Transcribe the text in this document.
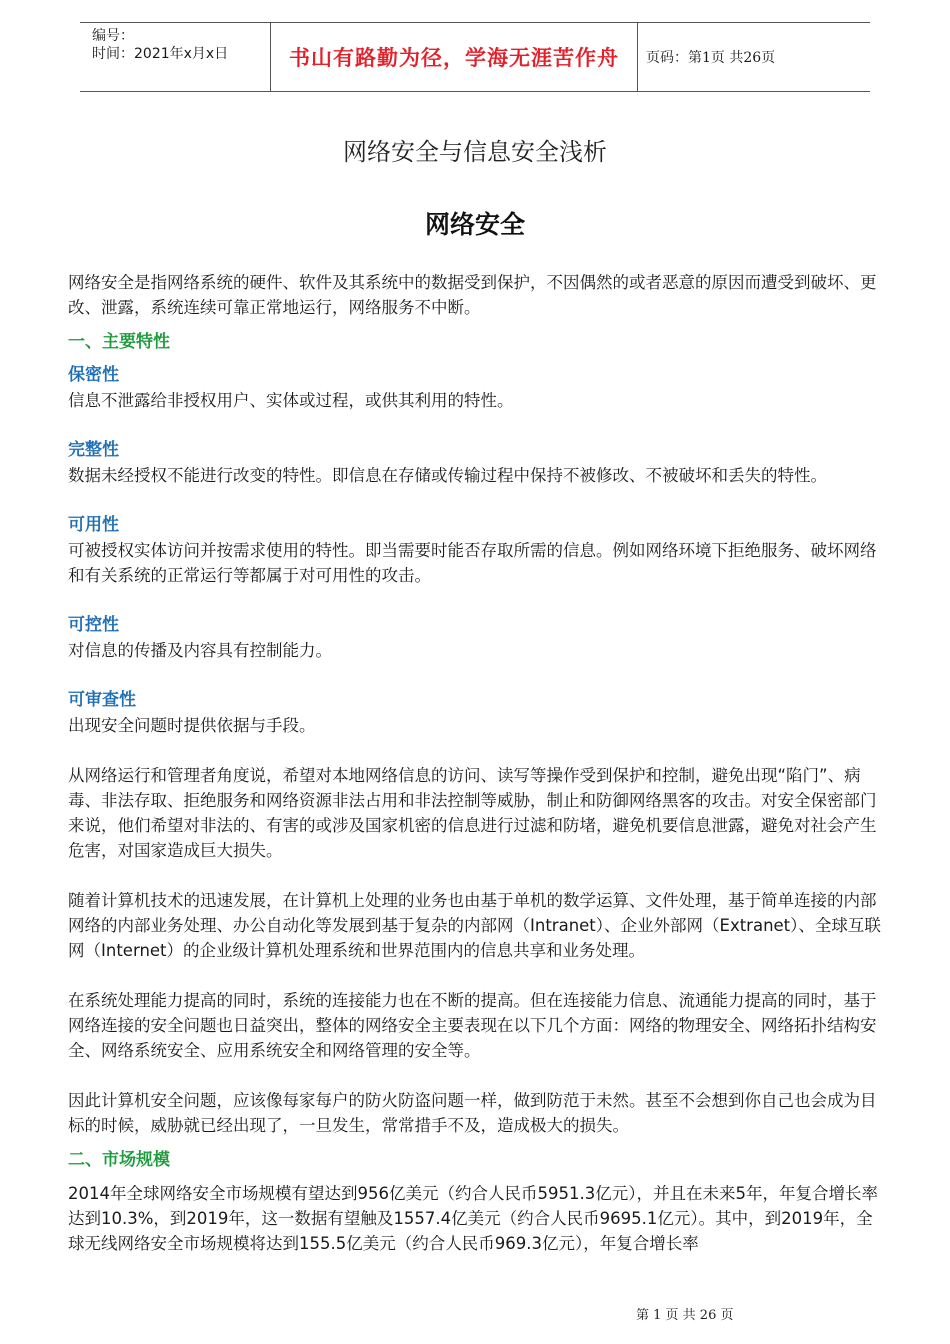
编号：
时间：2021年x月x日	书山有路勤为径，学海无涯苦作舟	页码：第1页 共26页
网络安全与信息安全浅析
网络安全

网络安全是指网络系统的硬件、软件及其系统中的数据受到保护，不因偶然的或者恶意的原因而遭受到破坏、更改、泄露，系统连续可靠正常地运行，网络服务不中断。

一、主要特性

保密性

信息不泄露给非授权用户、实体或过程，或供其利用的特性。

完整性

数据未经授权不能进行改变的特性。即信息在存储或传输过程中保持不被修改、不被破坏和丢失的特性。

可用性

可被授权实体访问并按需求使用的特性。即当需要时能否存取所需的信息。例如网络环境下拒绝服务、破坏网络和有关系统的正常运行等都属于对可用性的攻击。

可控性

对信息的传播及内容具有控制能力。

可审查性

出现安全问题时提供依据与手段。

从网络运行和管理者角度说，希望对本地网络信息的访问、读写等操作受到保护和控制，避免出现“陷门”、病毒、非法存取、拒绝服务和网络资源非法占用和非法控制等威胁，制止和防御网络黑客的攻击。对安全保密部门来说，他们希望对非法的、有害的或涉及国家机密的信息进行过滤和防堵，避免机要信息泄露，避免对社会产生危害，对国家造成巨大损失。

随着计算机技术的迅速发展，在计算机上处理的业务也由基于单机的数学运算、文件处理，基于简单连接的内部网络的内部业务处理、办公自动化等发展到基于复杂的内部网（Intranet）、企业外部网（Extranet）、全球互联网（Internet）的企业级计算机处理系统和世界范围内的信息共享和业务处理。

在系统处理能力提高的同时，系统的连接能力也在不断的提高。但在连接能力信息、流通能力提高的同时，基于网络连接的安全问题也日益突出，整体的网络安全主要表现在以下几个方面：网络的物理安全、网络拓扑结构安全、网络系统安全、应用系统安全和网络管理的安全等。

因此计算机安全问题，应该像每家每户的防火防盗问题一样，做到防范于未然。甚至不会想到你自己也会成为目标的时候，威胁就已经出现了，一旦发生，常常措手不及，造成极大的损失。

二、市场规模

2014年全球网络安全市场规模有望达到956亿美元（约合人民币5951.3亿元），并且在未来5年，年复合增长率达到10.3%，到2019年，这一数据有望触及1557.4亿美元（约合人民币9695.1亿元）。其中，到2019年，全球无线网络安全市场规模将达到155.5亿美元（约合人民币969.3亿元），年复合增长率

第 1 页 共 26 页
